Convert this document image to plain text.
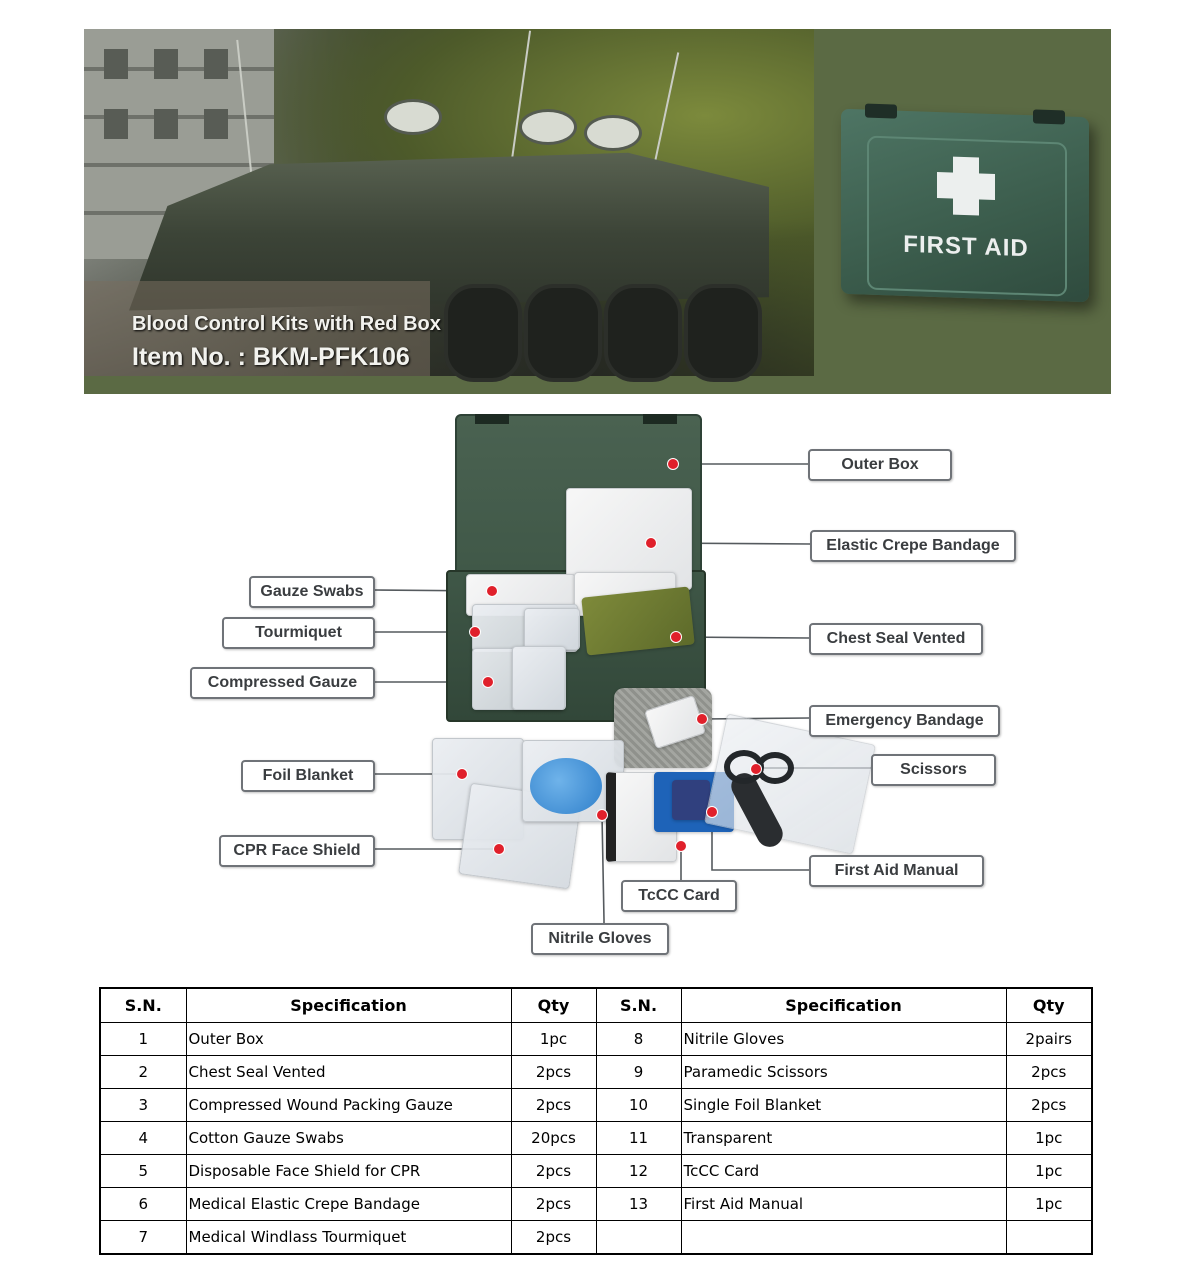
Blood Control Kits with Red Box
Item No. : BKM-PFK106
FIRST AID
Outer Box
Elastic Crepe Bandage
Gauze Swabs
Tourmiquet	Chest Seal Vented
Compressed Gauze
Emergency Bandage
Foil Blanket	Scissors
CPR Face Shield
First Aid Manual
TcCC Card
Nitrile Gloves
S.N.	Specification	Qty	S.N.	Specification	Qty
1	Outer Box	1pc	8	Nitrile Gloves	2pairs
2	Chest Seal Vented	2pcs	9	Paramedic Scissors	2pcs
3	Compressed Wound Packing Gauze	2pcs	10	Single Foil Blanket	2pcs
4	Cotton Gauze Swabs	20pcs	11	Transparent	1pc
5	Disposable Face Shield for CPR	2pcs	12	TcCC Card	1pc
6	Medical Elastic Crepe Bandage	2pcs	13	First Aid Manual	1pc
7	Medical Windlass Tourmiquet	2pcs			
